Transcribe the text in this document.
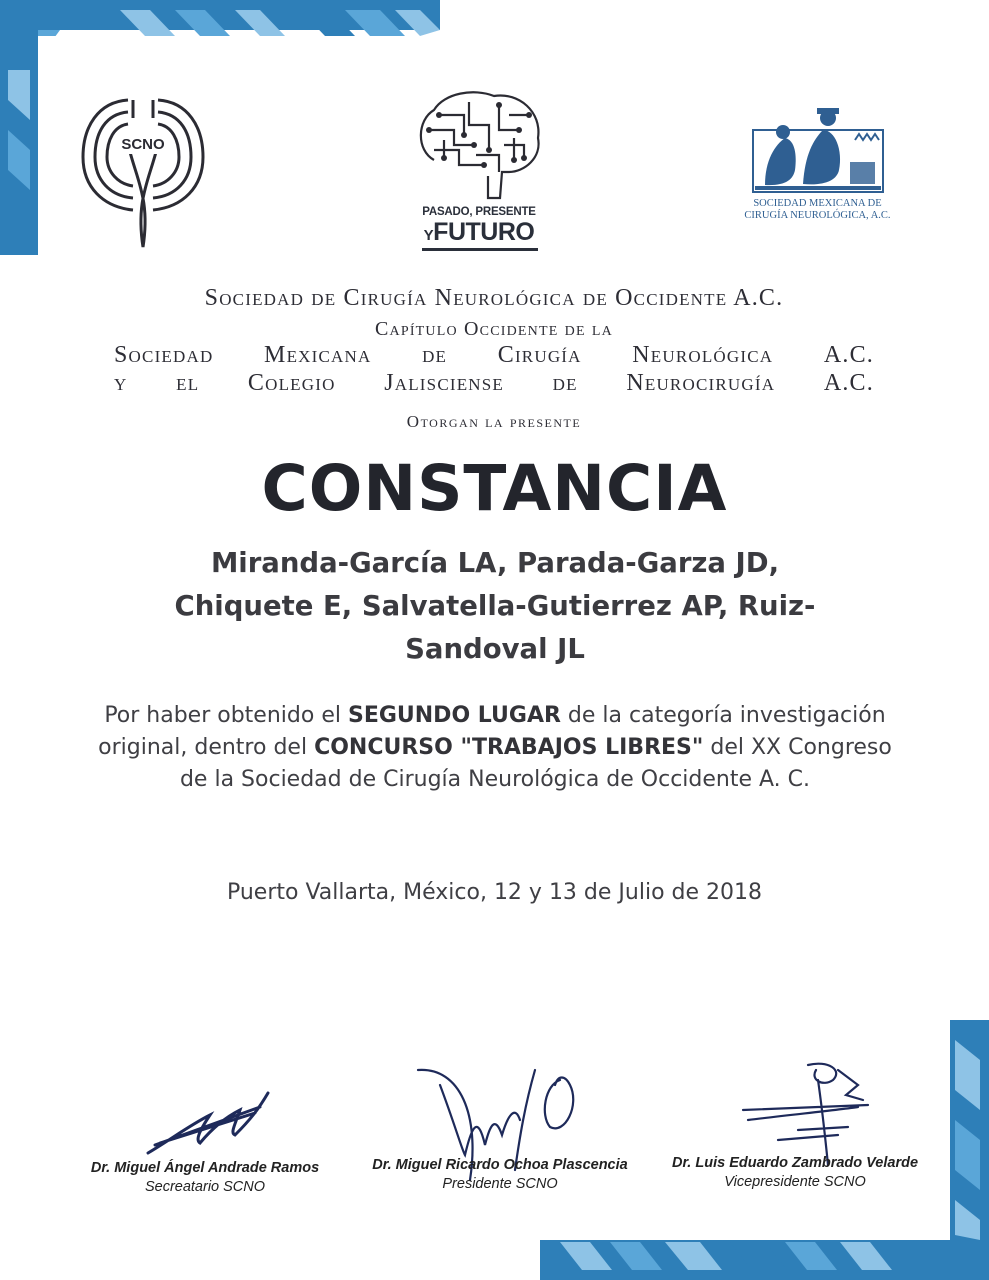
SCNO
PASADO, PRESENTE
YFUTURO
SOCIEDAD MEXICANA DE
CIRUGÍA NEUROLÓGICA, A.C.
Sociedad de Cirugía Neurológica de Occidente A.C.
Capítulo Occidente de la
Sociedad Mexicana de Cirugía Neurológica A.C.
y el Colegio Jalisciense de Neurocirugía A.C.
Otorgan la presente
CONSTANCIA
Miranda-García LA, Parada-Garza JD,
Chiquete E, Salvatella-Gutierrez AP, Ruiz-
Sandoval JL
Por haber obtenido el SEGUNDO LUGAR de la categoría investigación original, dentro del CONCURSO "TRABAJOS LIBRES" del XX Congreso de la Sociedad de Cirugía Neurológica de Occidente A. C.
Puerto Vallarta, México, 12 y 13 de Julio de 2018
Dr. Miguel Ángel Andrade Ramos
Secreatario SCNO
Dr. Miguel Ricardo Ochoa Plascencia
Presidente SCNO
Dr. Luis Eduardo Zambrado Velarde
Vicepresidente SCNO
